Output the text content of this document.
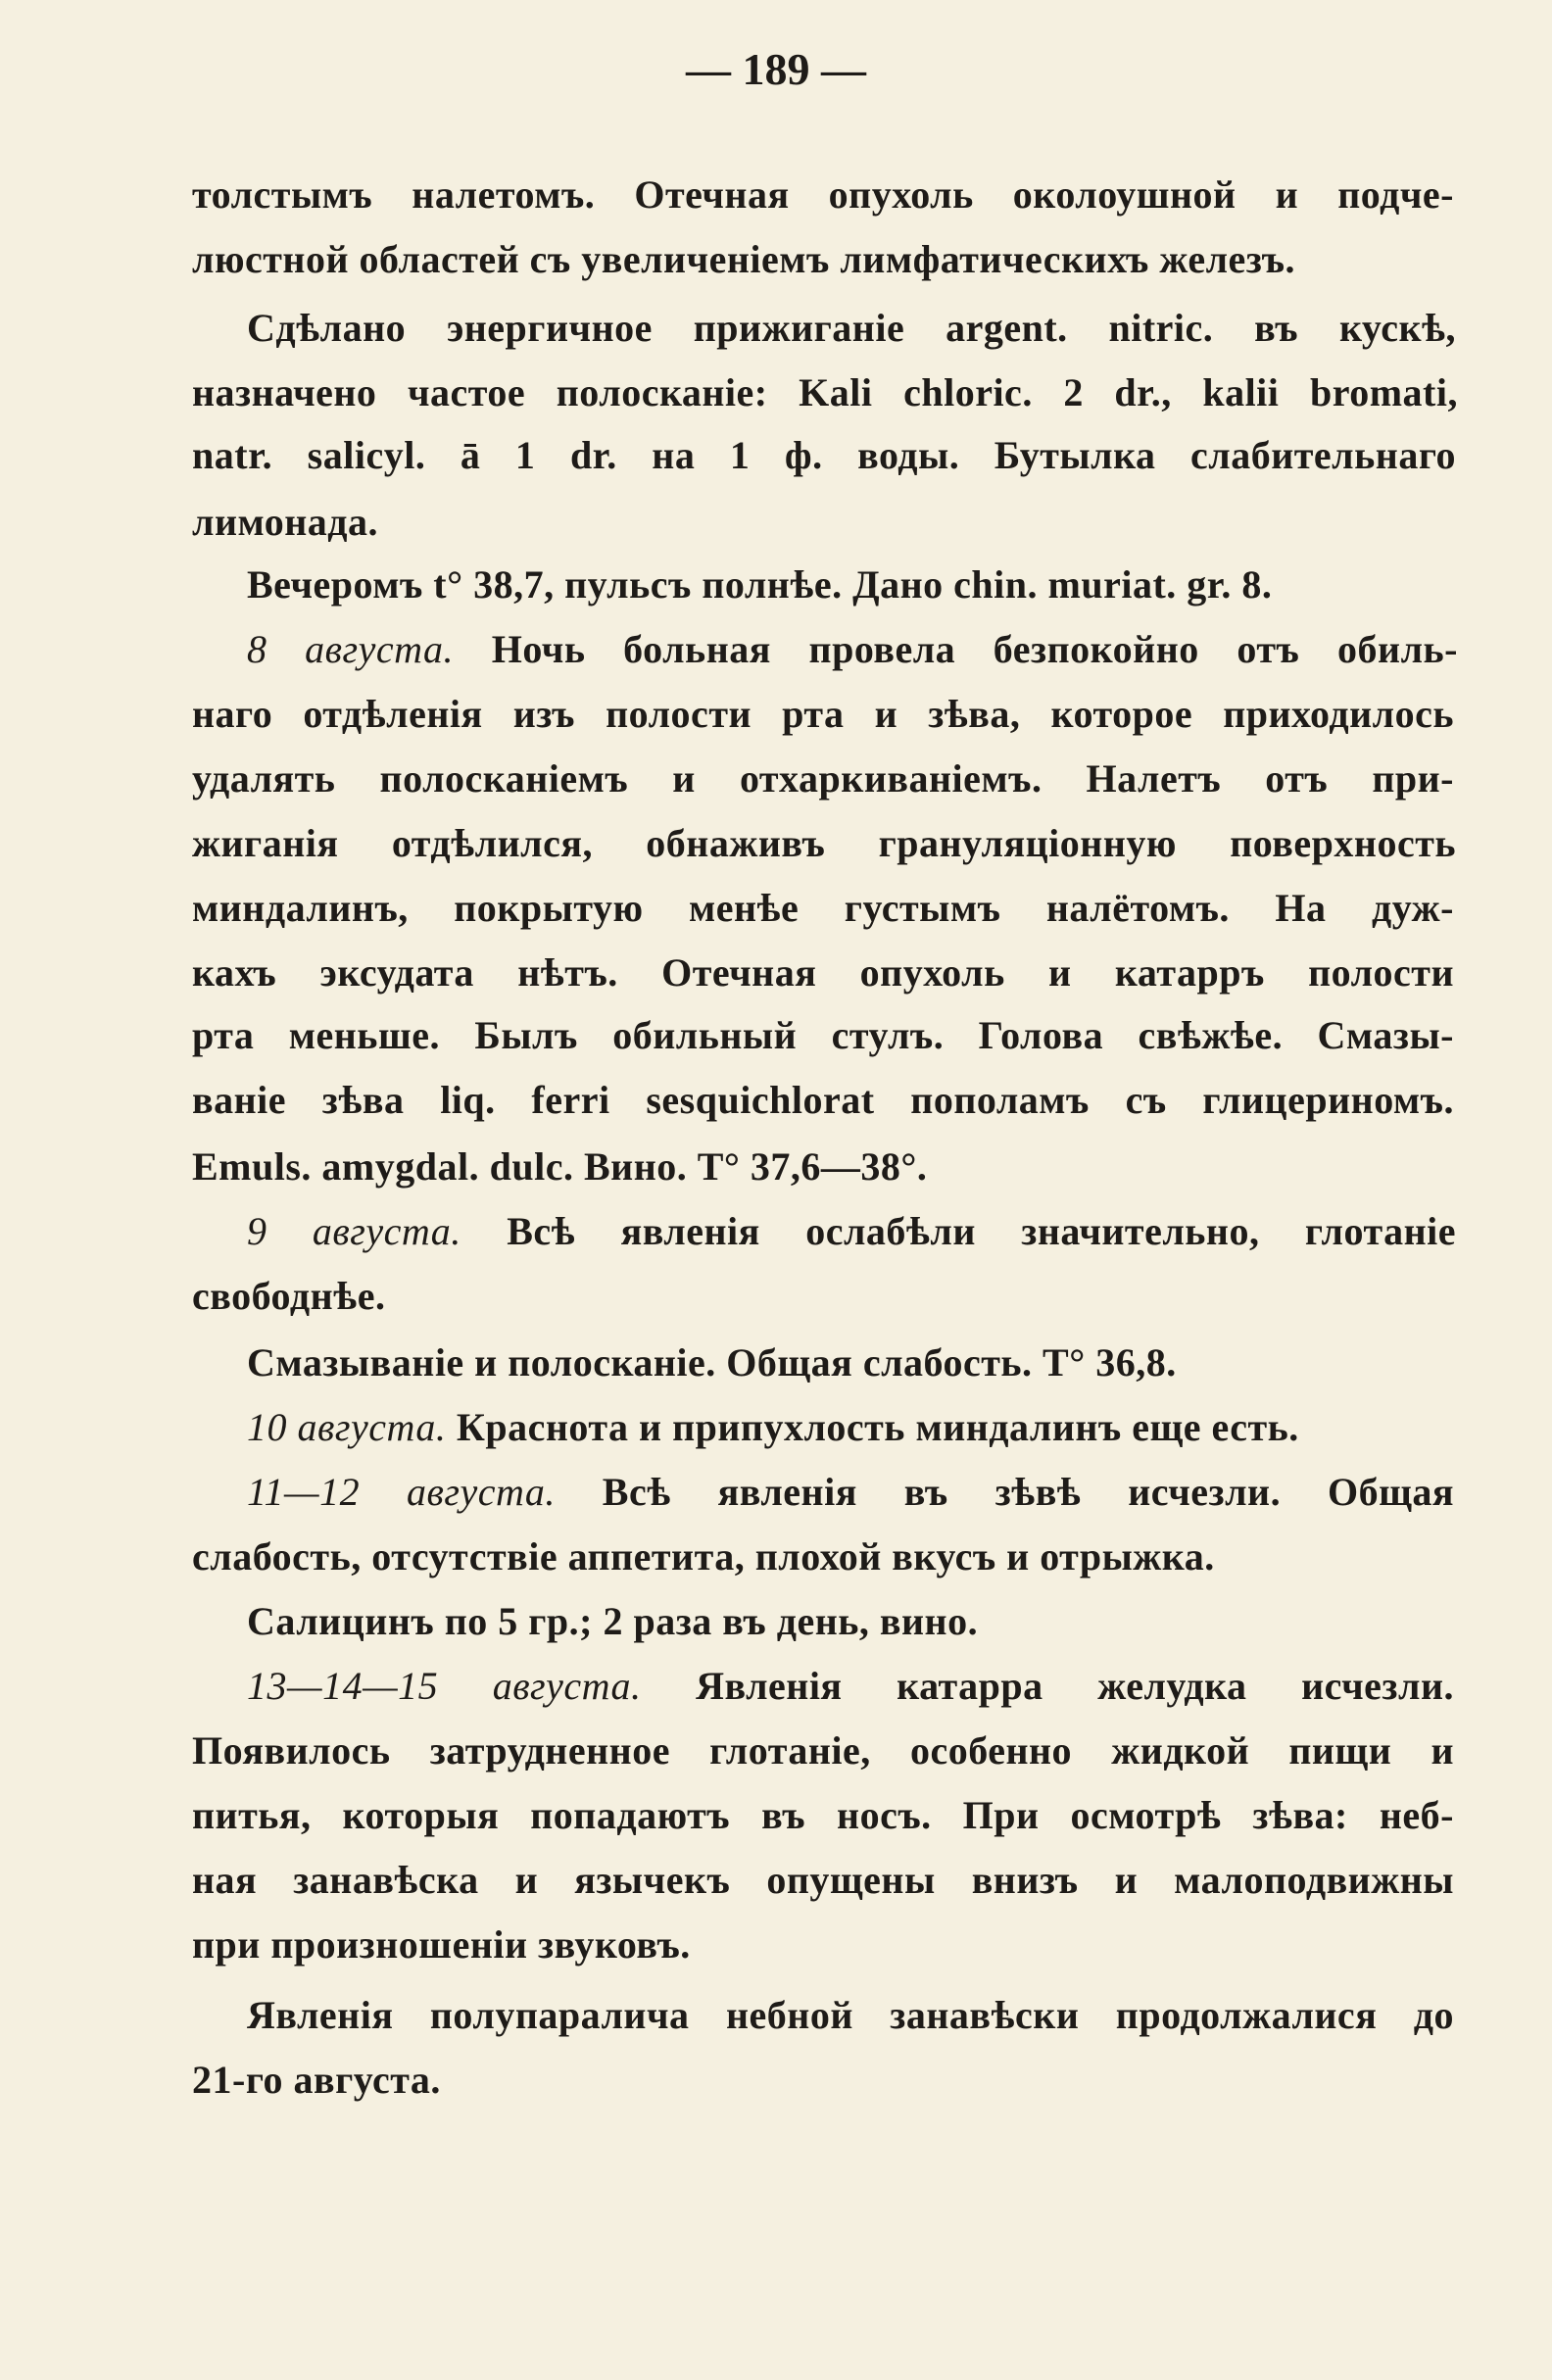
— 189 —
толстымъ налетомъ. Отечная опухоль околоушной и подче-
люстной областей съ увеличеніемъ лимфатическихъ железъ.
Сдѣлано энергичное прижиганіе argent. nitric. въ кускѣ,
назначено частое полосканіе: Kali chloric. 2 dr., kalii bromati,
natr. salicyl. ā 1 dr. на 1 ф. воды. Бутылка слабительнаго
лимонада.
Вечеромъ t° 38,7, пульсъ полнѣе. Дано chin. muriat. gr. 8.
8 августа. Ночь больная провела безпокойно отъ обиль-
наго отдѣленія изъ полости рта и зѣва, которое приходилось
удалять полосканіемъ и отхаркиваніемъ. Налетъ отъ при-
жиганія отдѣлился, обнаживъ грануляціонную поверхность
миндалинъ, покрытую менѣе густымъ налётомъ. На дуж-
кахъ эксудата нѣтъ. Отечная опухоль и катарръ полости
рта меньше. Былъ обильный стулъ. Голова свѣжѣе. Смазы-
ваніе зѣва liq. ferri sesquichlorat пополамъ съ глицериномъ.
Emuls. amygdal. dulc. Вино. T° 37,6—38°.
9 августа. Всѣ явленія ослабѣли значительно, глотаніе
свободнѣе.
Смазываніе и полосканіе. Общая слабость. T° 36,8.
10 августа. Краснота и припухлость миндалинъ еще есть.
11—12 августа. Всѣ явленія въ зѣвѣ исчезли. Общая
слабость, отсутствіе аппетита, плохой вкусъ и отрыжка.
Салицинъ по 5 гр.; 2 раза въ день, вино.
13—14—15 августа. Явленія катарра желудка исчезли.
Появилось затрудненное глотаніе, особенно жидкой пищи и
питья, которыя попадаютъ въ носъ. При осмотрѣ зѣва: неб-
ная занавѣска и язычекъ опущены внизъ и малоподвижны
при произношеніи звуковъ.
Явленія полупаралича небной занавѣски продолжалися до
21-го августа.
